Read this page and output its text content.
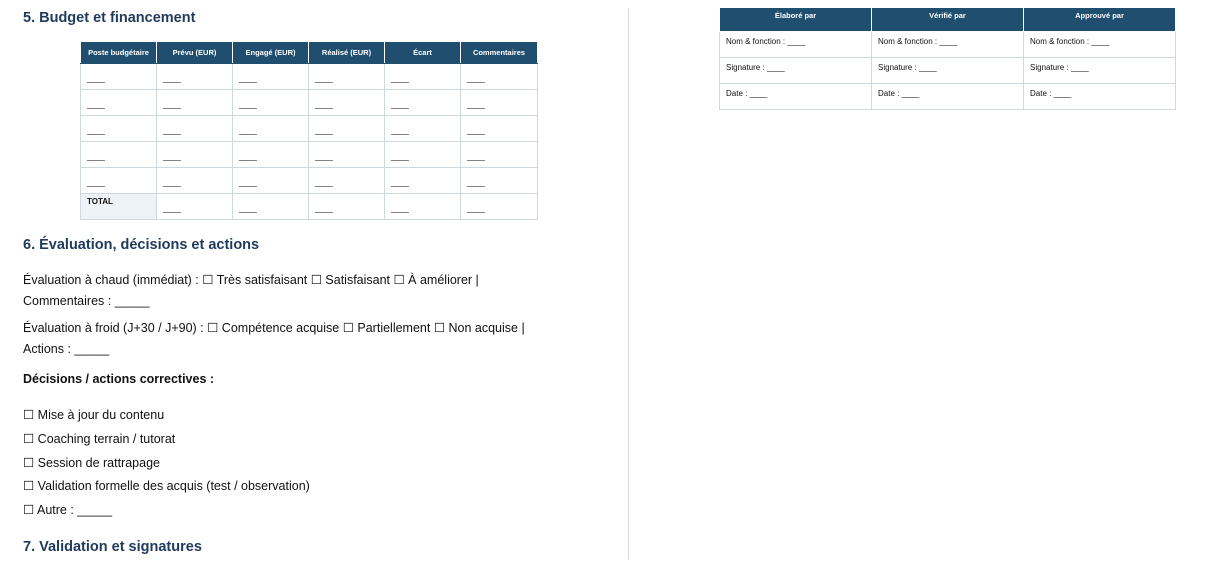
5. Budget et financement
Poste budgétaire	Prévu (EUR)	Engagé (EUR)	Réalisé (EUR)	Écart	Commentaires
____	____	____	____	____	____
____	____	____	____	____	____
____	____	____	____	____	____
____	____	____	____	____	____
____	____	____	____	____	____
TOTAL	____	____	____	____	____
6. Évaluation, décisions et actions
Évaluation à chaud (immédiat) : ☐ Très satisfaisant ☐ Satisfaisant ☐ À améliorer |
Commentaires : _____
Évaluation à froid (J+30 / J+90) : ☐ Compétence acquise ☐ Partiellement ☐ Non acquise |
Actions : _____
Décisions / actions correctives :
☐ Mise à jour du contenu
☐ Coaching terrain / tutorat
☐ Session de rattrapage
☐ Validation formelle des acquis (test / observation)
☐ Autre : _____
7. Validation et signatures
Élaboré par	Vérifié par	Approuvé par
Nom & fonction : ____	Nom & fonction : ____	Nom & fonction : ____
Signature : ____	Signature : ____	Signature : ____
Date : ____	Date : ____	Date : ____
